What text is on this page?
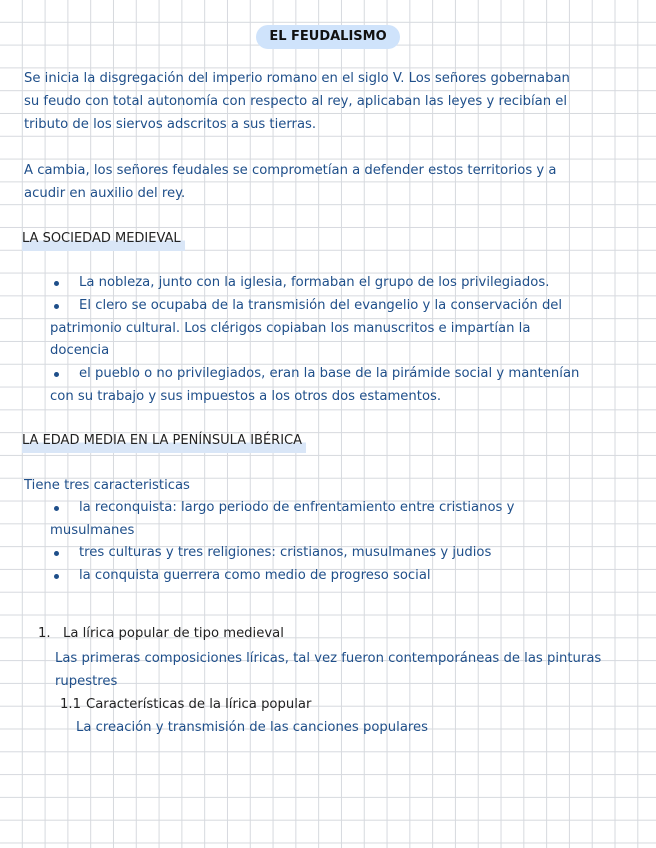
EL FEUDALISMO
Se inicia la disgregación del imperio romano en el siglo V. Los señores gobernaban
su feudo con total autonomía con respecto al rey, aplicaban las leyes y recibían el
tributo de los siervos adscritos a sus tierras.
A cambia, los señores feudales se comprometían a defender estos territorios y a
acudir en auxilio del rey.
LA SOCIEDAD MEDIEVAL
La nobleza, junto con la iglesia, formaban el grupo de los privilegiados.
El clero se ocupaba de la transmisión del evangelio y la conservación del
patrimonio cultural. Los clérigos copiaban los manuscritos e impartían la
docencia
el pueblo o no privilegiados, eran la base de la pirámide social y mantenían
con su trabajo y sus impuestos a los otros dos estamentos.
LA EDAD MEDIA EN LA PENÍNSULA IBÉRICA
Tiene tres caracteristicas
la reconquista: largo periodo de enfrentamiento entre cristianos y
musulmanes
tres culturas y tres religiones: cristianos, musulmanes y judios
la conquista guerrera como medio de progreso social
1. La lírica popular de tipo medieval
Las primeras composiciones líricas, tal vez fueron contemporáneas de las pinturas
rupestres
1.1 Características de la lírica popular
La creación y transmisión de las canciones populares
